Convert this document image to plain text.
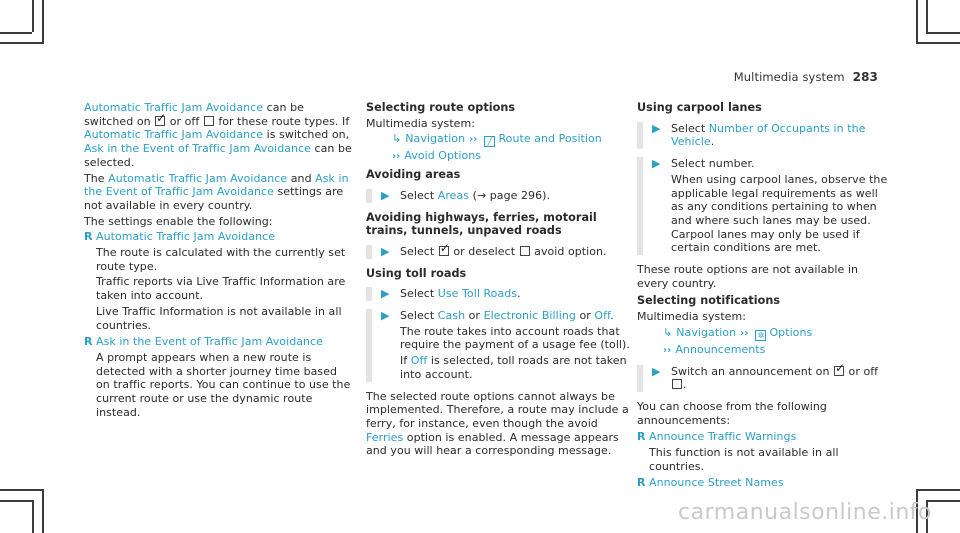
Multimedia system 283

Automatic Traffic Jam Avoidance can be switched on ✓ or off  for these route types. If Automatic Traffic Jam Avoidance is switched on, Ask in the Event of Traffic Jam Avoidance can be selected.

The Automatic Traffic Jam Avoidance and Ask in the Event of Traffic Jam Avoidance settings are not available in every country.

The settings enable the following:

R Automatic Traffic Jam Avoidance

The route is calculated with the currently set route type.

Traffic reports via Live Traffic Information are taken into account.

Live Traffic Information is not available in all countries.

R Ask in the Event of Traffic Jam Avoidance

A prompt appears when a new route is detected with a shorter journey time based on traffic reports. You can continue to use the current route or use the dynamic route instead.

Selecting route options

Multimedia system:

↳ Navigation ›› ╱ Route and Position

›› Avoid Options

Avoiding areas

▶ Select Areas (→ page 296).

Avoiding highways, ferries, motorail trains, tunnels, unpaved roads

▶ Select ✓ or deselect  avoid option.

Using toll roads

▶ Select Use Toll Roads.

▶ Select Cash or Electronic Billing or Off.

The route takes into account roads that require the payment of a usage fee (toll).

If Off is selected, toll roads are not taken into account.

The selected route options cannot always be implemented. Therefore, a route may include a ferry, for instance, even though the avoid Ferries option is enabled. A message appears and you will hear a corresponding message.

Using carpool lanes

▶ Select Number of Occupants in the Vehicle.

▶ Select number.

When using carpool lanes, observe the applicable legal requirements as well as any conditions pertaining to when and where such lanes may be used. Carpool lanes may only be used if certain conditions are met.

These route options are not available in every country.

Selecting notifications

Multimedia system:

↳ Navigation ›› ✲ Options

›› Announcements

▶ Switch an announcement on ✓ or off .

You can choose from the following announcements:

R Announce Traffic Warnings

This function is not available in all countries.

R Announce Street Names

carmanualsonline.info
